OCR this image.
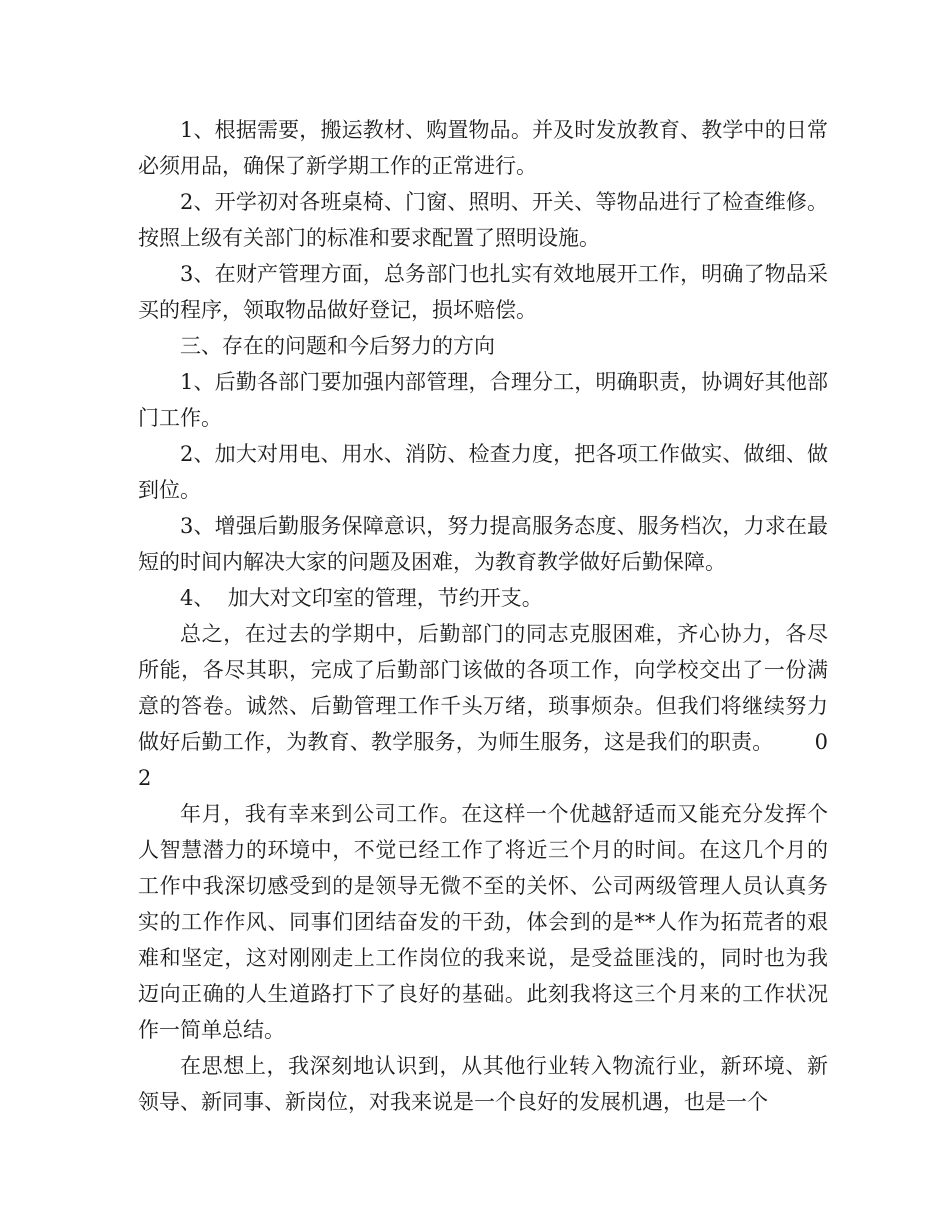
1、根据需要，搬运教材、购置物品。并及时发放教育、教学中的日常必须用品，确保了新学期工作的正常进行。

2、开学初对各班桌椅、门窗、照明、开关、等物品进行了检查维修。按照上级有关部门的标准和要求配置了照明设施。

3、在财产管理方面，总务部门也扎实有效地展开工作，明确了物品采买的程序，领取物品做好登记，损坏赔偿。

三、存在的问题和今后努力的方向

1、后勤各部门要加强内部管理，合理分工，明确职责，协调好其他部门工作。

2、加大对用电、用水、消防、检查力度，把各项工作做实、做细、做到位。

3、增强后勤服务保障意识，努力提高服务态度、服务档次，力求在最短的时间内解决大家的问题及困难，为教育教学做好后勤保障。

4、  加大对文印室的管理，节约开支。

总之，在过去的学期中，后勤部门的同志克服困难，齐心协力，各尽所能，各尽其职，完成了后勤部门该做的各项工作，向学校交出了一份满意的答卷。诚然、后勤管理工作千头万绪，琐事烦杂。但我们将继续努力做好后勤工作，为教育、教学服务，为师生服务，这是我们的职责。      02

年月，我有幸来到公司工作。在这样一个优越舒适而又能充分发挥个人智慧潜力的环境中，不觉已经工作了将近三个月的时间。在这几个月的工作中我深切感受到的是领导无微不至的关怀、公司两级管理人员认真务实的工作作风、同事们团结奋发的干劲，体会到的是**人作为拓荒者的艰难和坚定，这对刚刚走上工作岗位的我来说，是受益匪浅的，同时也为我迈向正确的人生道路打下了良好的基础。此刻我将这三个月来的工作状况作一简单总结。

在思想上，我深刻地认识到，从其他行业转入物流行业，新环境、新领导、新同事、新岗位，对我来说是一个良好的发展机遇，也是一个
